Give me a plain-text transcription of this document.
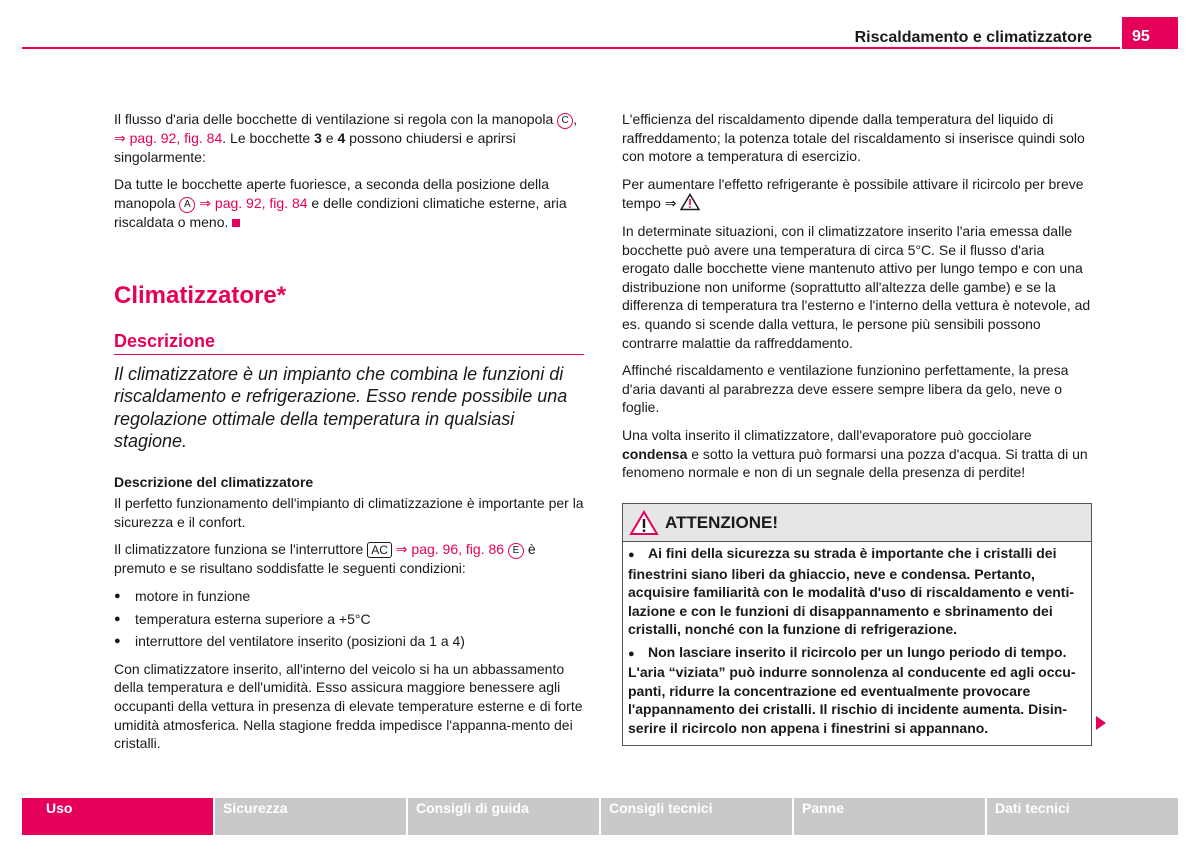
Riscaldamento e climatizzatore	95

Il flusso d'aria delle bocchette di ventilazione si regola con la manopola C , ⇒ pag. 92, fig. 84. Le bocchette 3 e 4 possono chiudersi e aprirsi singolarmente:

Da tutte le bocchette aperte fuoriesce, a seconda della posizione della manopola A ⇒ pag. 92, fig. 84 e delle condizioni climatiche esterne, aria riscaldata o meno.

Climatizzatore*
Descrizione
Il climatizzatore è un impianto che combina le funzioni di riscaldamento e refrigerazione. Esso rende possibile una regolazione ottimale della temperatura in qualsiasi stagione.
Descrizione del climatizzatore

Il perfetto funzionamento dell'impianto di climatizzazione è importante per la sicurezza e il confort.

Il climatizzatore funziona se l'interruttore AC ⇒ pag. 96, fig. 86 E è premuto e se risultano soddisfatte le seguenti condizioni:

● motore in funzione
● temperatura esterna superiore a +5°C
● interruttore del ventilatore inserito (posizioni da 1 a 4)

Con climatizzatore inserito, all'interno del veicolo si ha un abbassamento della temperatura e dell'umidità. Esso assicura maggiore benessere agli occupanti della vettura in presenza di elevate temperature esterne e di forte umidità atmosferica. Nella stagione fredda impedisce l'appanna-mento dei cristalli.

L'efficienza del riscaldamento dipende dalla temperatura del liquido di raffreddamento; la potenza totale del riscaldamento si inserisce quindi solo con motore a temperatura di esercizio.

Per aumentare l'effetto refrigerante è possibile attivare il ricircolo per breve tempo ⇒

In determinate situazioni, con il climatizzatore inserito l'aria emessa dalle bocchette può avere una temperatura di circa 5°C. Se il flusso d'aria erogato dalle bocchette viene mantenuto attivo per lungo tempo e con una distribuzione non uniforme (soprattutto all'altezza delle gambe) e se la differenza di temperatura tra l'esterno e l'interno della vettura è notevole, ad es. quando si scende dalla vettura, le persone più sensibili possono contrarre malattie da raffreddamento.

Affinché riscaldamento e ventilazione funzionino perfettamente, la presa d'aria davanti al parabrezza deve essere sempre libera da gelo, neve o foglie.

Una volta inserito il climatizzatore, dall'evaporatore può gocciolare condensa e sotto la vettura può formarsi una pozza d'acqua. Si tratta di un fenomeno normale e non di un segnale della presenza di perdite!

ATTENZIONE!

● Ai fini della sicurezza su strada è importante che i cristalli dei finestrini siano liberi da ghiaccio, neve e condensa. Pertanto, acquisire familiarità con le modalità d'uso di riscaldamento e venti-lazione e con le funzioni di disappannamento e sbrinamento dei cristalli, nonché con la funzione di refrigerazione.

● Non lasciare inserito il ricircolo per un lungo periodo di tempo. L'aria “viziata” può indurre sonnolenza al conducente ed agli occu-panti, ridurre la concentrazione ed eventualmente provocare l'appannamento dei cristalli. Il rischio di incidente aumenta. Disin-serire il ricircolo non appena i finestrini si appannano.

Uso	Sicurezza	Consigli di guida	Consigli tecnici	Panne	Dati tecnici
